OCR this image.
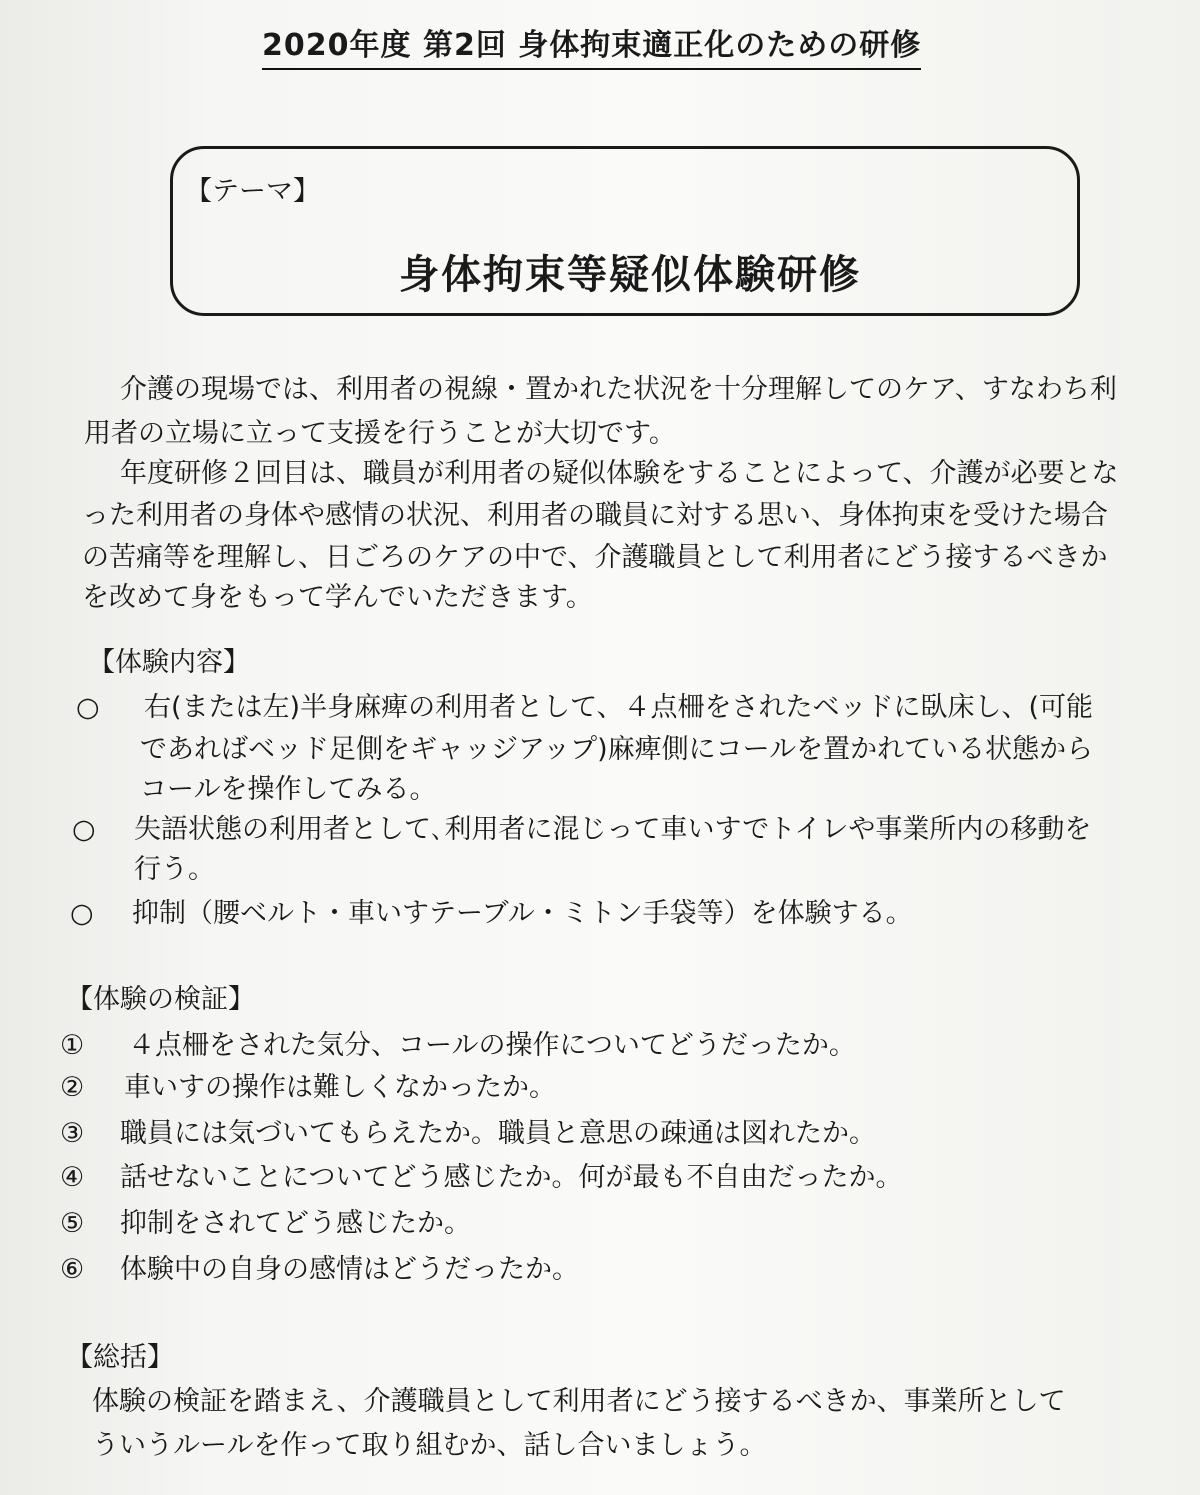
2020年度 第2回 身体拘束適正化のための研修
【テーマ】
身体拘束等疑似体験研修
介護の現場では、利用者の視線・置かれた状況を十分理解してのケア、すなわち利
用者の立場に立って支援を行うことが大切です。
年度研修２回目は、職員が利用者の疑似体験をすることによって、介護が必要とな
った利用者の身体や感情の状況、利用者の職員に対する思い、身体拘束を受けた場合
の苦痛等を理解し、日ごろのケアの中で、介護職員として利用者にどう接するべきか
を改めて身をもって学んでいただきます。
【体験内容】
○ 右(または左)半身麻痺の利用者として、４点柵をされたベッドに臥床し、(可能
であればベッド足側をギャッジアップ)麻痺側にコールを置かれている状態から
コールを操作してみる。
○ 失語状態の利用者として､利用者に混じって車いすでトイレや事業所内の移動を
行う。
○ 抑制（腰ベルト・車いすテーブル・ミトン手袋等）を体験する。
【体験の検証】
① ４点柵をされた気分、コールの操作についてどうだったか。
② 車いすの操作は難しくなかったか。
③ 職員には気づいてもらえたか。職員と意思の疎通は図れたか。
④ 話せないことについてどう感じたか。何が最も不自由だったか。
⑤ 抑制をされてどう感じたか。
⑥ 体験中の自身の感情はどうだったか。
【総括】
体験の検証を踏まえ、介護職員として利用者にどう接するべきか、事業所として
ういうルールを作って取り組むか、話し合いましょう。
